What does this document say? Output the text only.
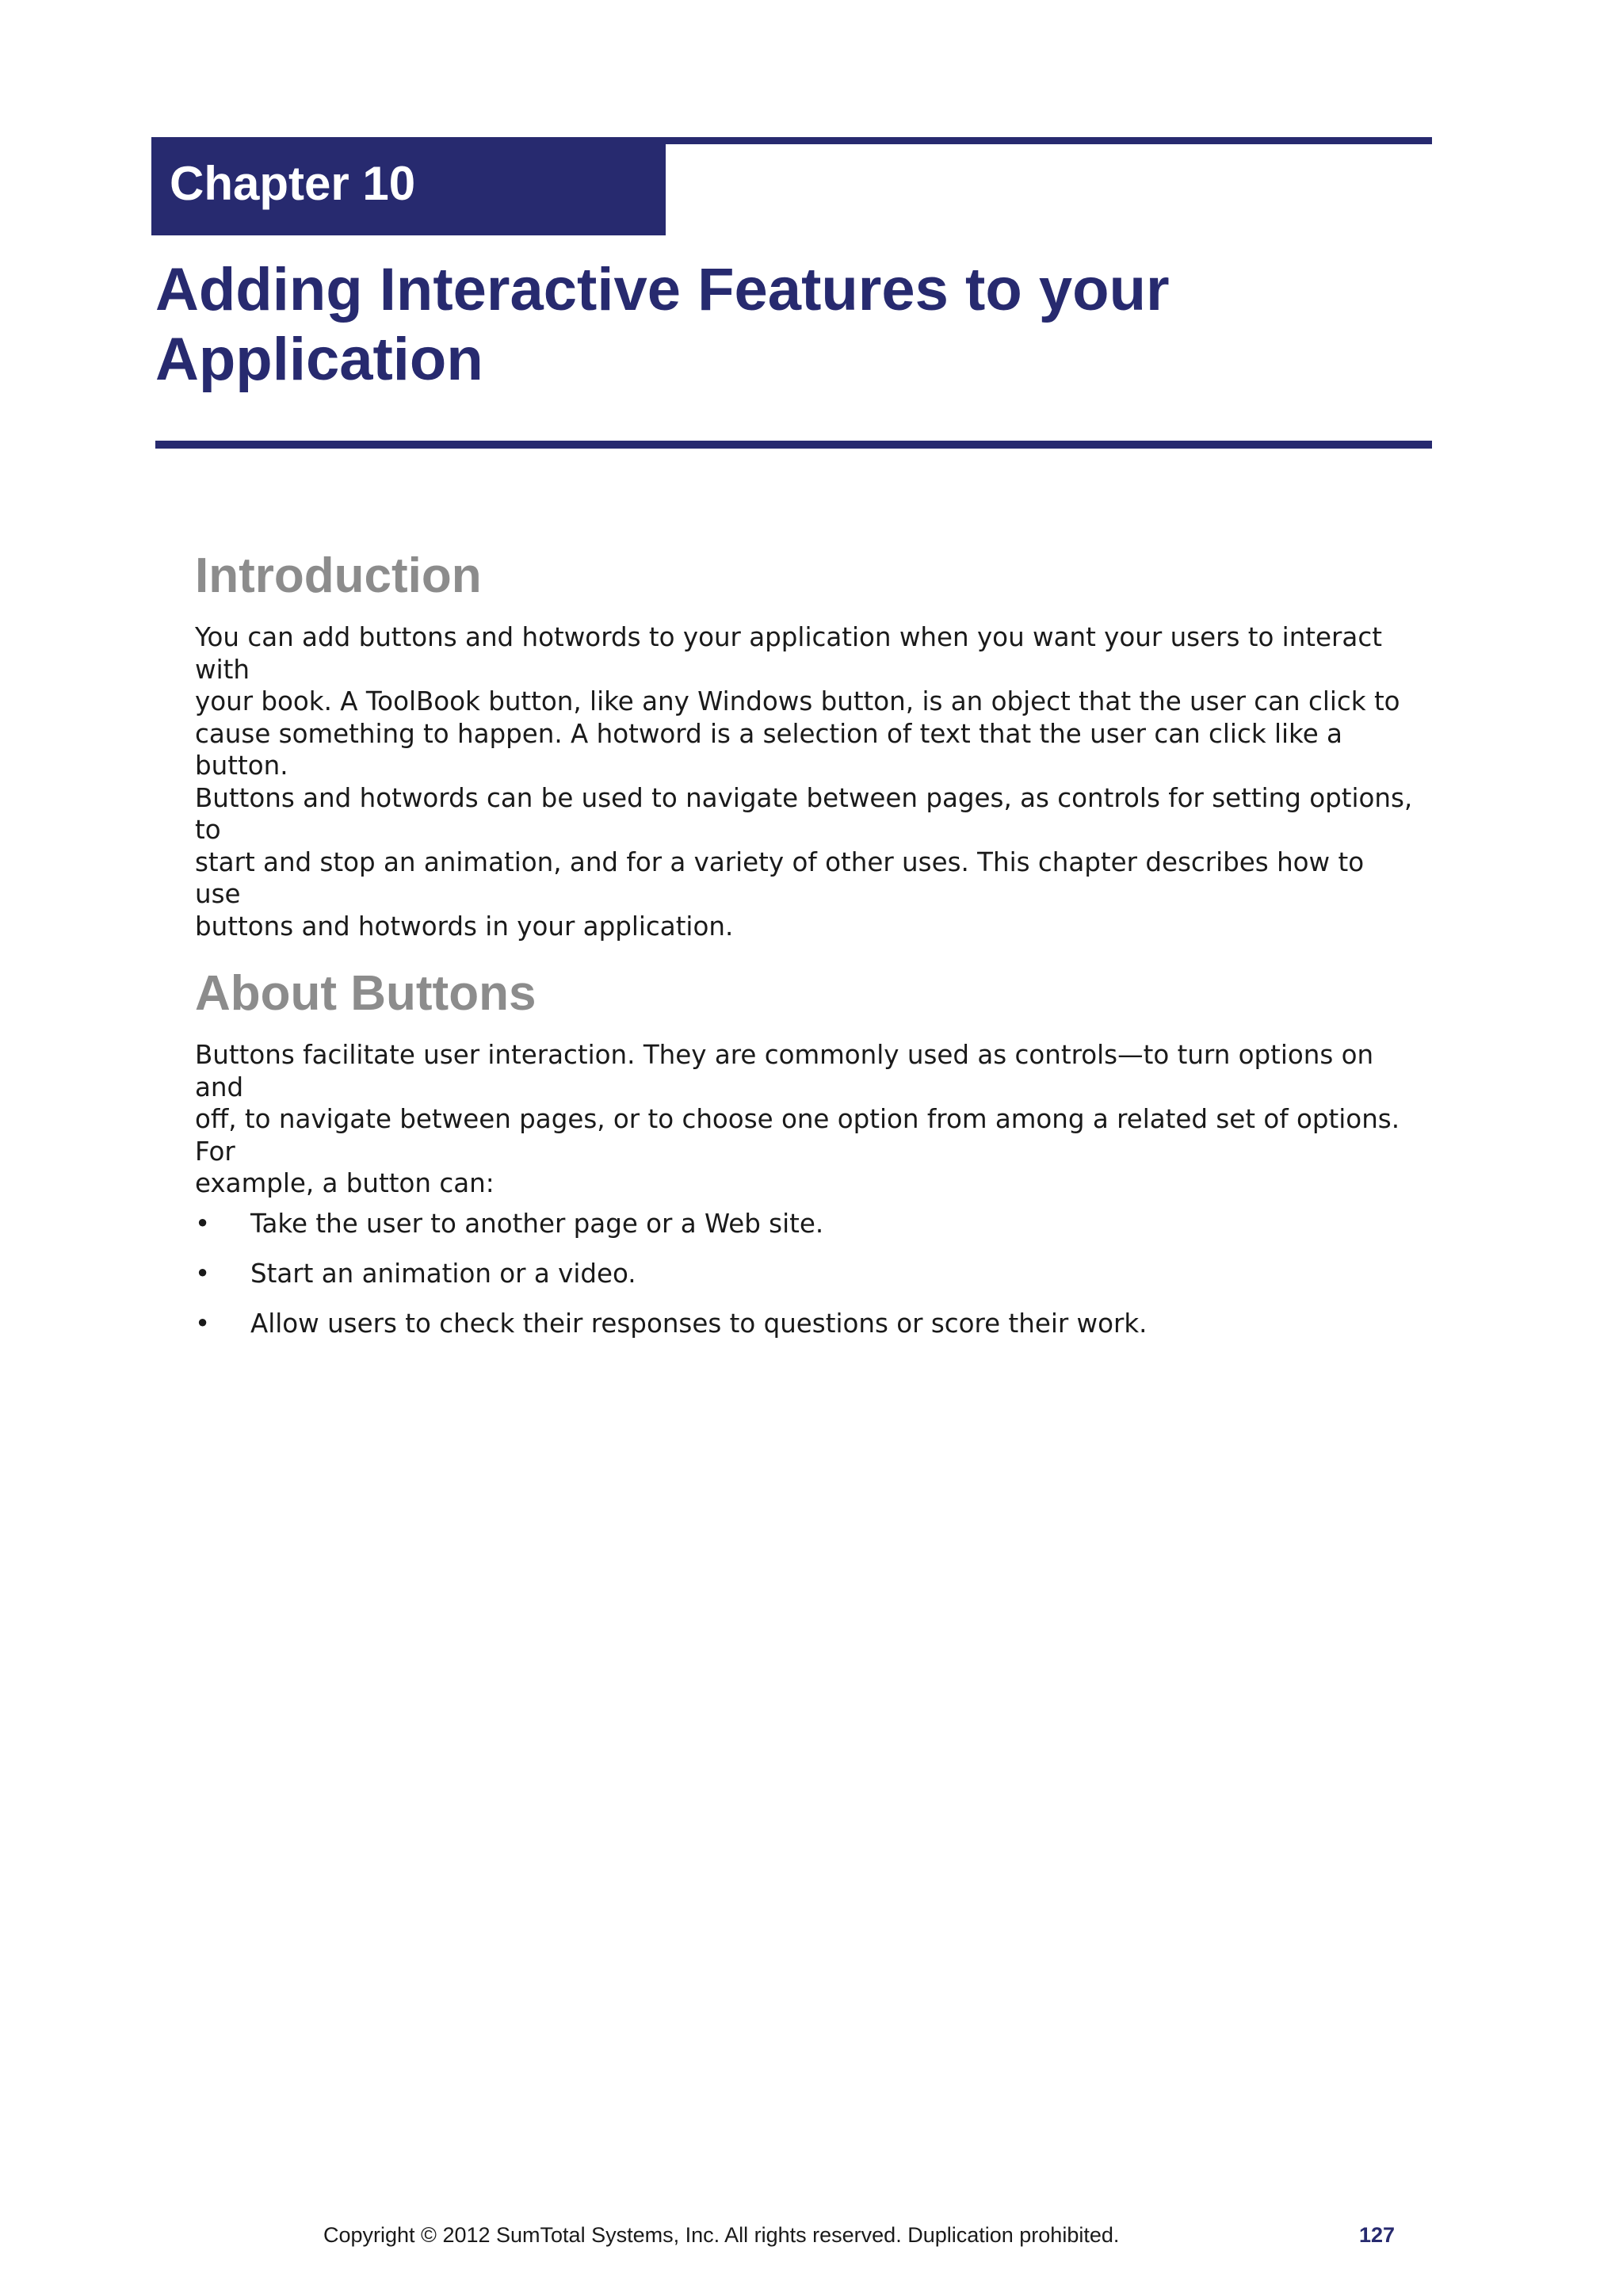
Chapter 10
Adding Interactive Features to your Application
Introduction

You can add buttons and hotwords to your application when you want your users to interact with
your book. A ToolBook button, like any Windows button, is an object that the user can click to
cause something to happen. A hotword is a selection of text that the user can click like a button.
Buttons and hotwords can be used to navigate between pages, as controls for setting options, to
start and stop an animation, and for a variety of other uses. This chapter describes how to use
buttons and hotwords in your application.

About Buttons

Buttons facilitate user interaction. They are commonly used as controls—to turn options on and
off, to navigate between pages, or to choose one option from among a related set of options. For
example, a button can:

•	Take the user to another page or a Web site.
•	Start an animation or a video.
•	Allow users to check their responses to questions or score their work.
Copyright © 2012 SumTotal Systems, Inc. All rights reserved. Duplication prohibited.	127
